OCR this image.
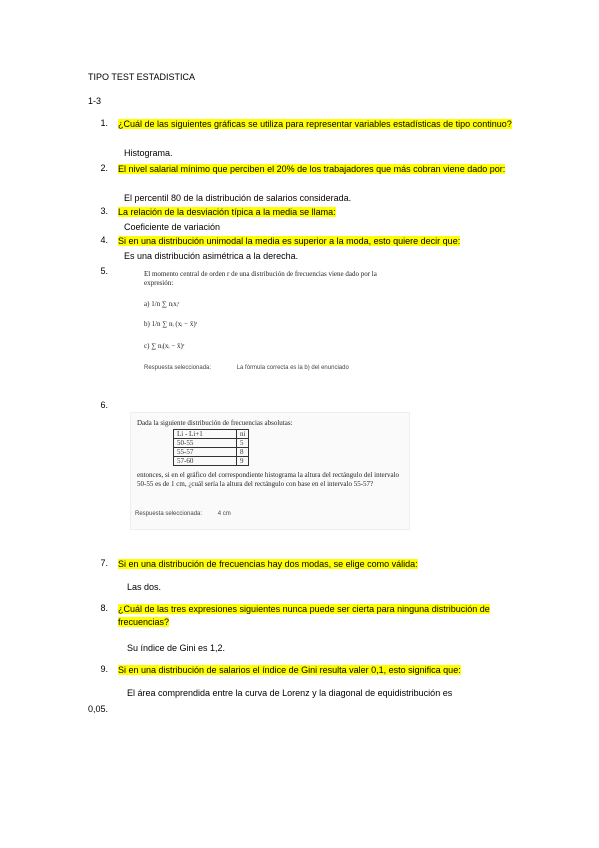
TIPO TEST ESTADISTICA
1-3
1. ¿Cuál de las siguientes gráficas se utiliza para representar variables estadísticas de tipo continuo?
Histograma.
2. El nivel salarial mínimo que perciben el 20% de los trabajadores que más cobran viene dado por:
El percentil 80 de la distribución de salarios considerada.
3. La relación de la desviación típica a la media se llama:
Coeficiente de variación
4. Si en una distribución unimodal la media es superior a la moda, esto quiere decir que:
Es una distribución asimétrica a la derecha.
5.	El momento central de orden r de una distribución de frecuencias viene dado por la expresión:
a) 1/n ∑ nᵢxᵢʳ
b) 1/n ∑ nᵢ (xᵢ − x̄)ʳ
c) ∑ nᵢ(xᵢ − x̄)ʳ
Respuesta seleccionada:	La fórmula correcta es la b) del enunciado
6.
Dada la siguiente distribución de frecuencias absolutas:
Li - Li+1	ni
50-55	5
55-57	8
57-60	9
entonces, si en el gráfico del correspondiente histograma la altura del rectángulo del intervalo 50-55 es de 1 cm, ¿cuál sería la altura del rectángulo con base en el intervalo 55-57?
Respuesta seleccionada:	4 cm
7. Si en una distribución de frecuencias hay dos modas, se elige como válida:
Las dos.
8. ¿Cuál de las tres expresiones siguientes nunca puede ser cierta para ninguna distribución de frecuencias?
Su índice de Gini es 1,2.
9. Si en una distribución de salarios el índice de Gini resulta valer 0,1, esto significa que:
El área comprendida entre la curva de Lorenz y la diagonal de equidistribución es
0,05.
